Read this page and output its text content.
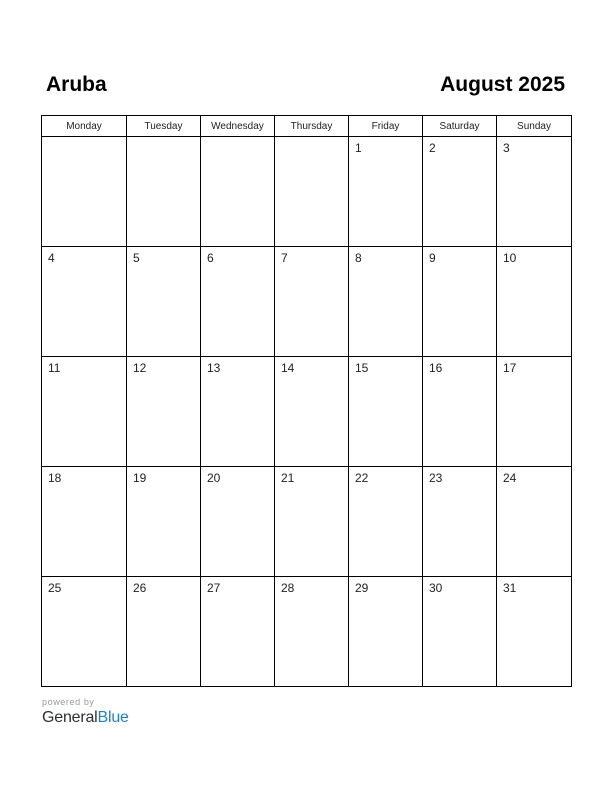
Aruba	August 2025
Monday	Tuesday	Wednesday	Thursday	Friday	Saturday	Sunday

				1	2	3

4	5	6	7	8	9	10

11	12	13	14	15	16	17

18	19	20	21	22	23	24

25	26	27	28	29	30	31
powered by
GeneralBlue
